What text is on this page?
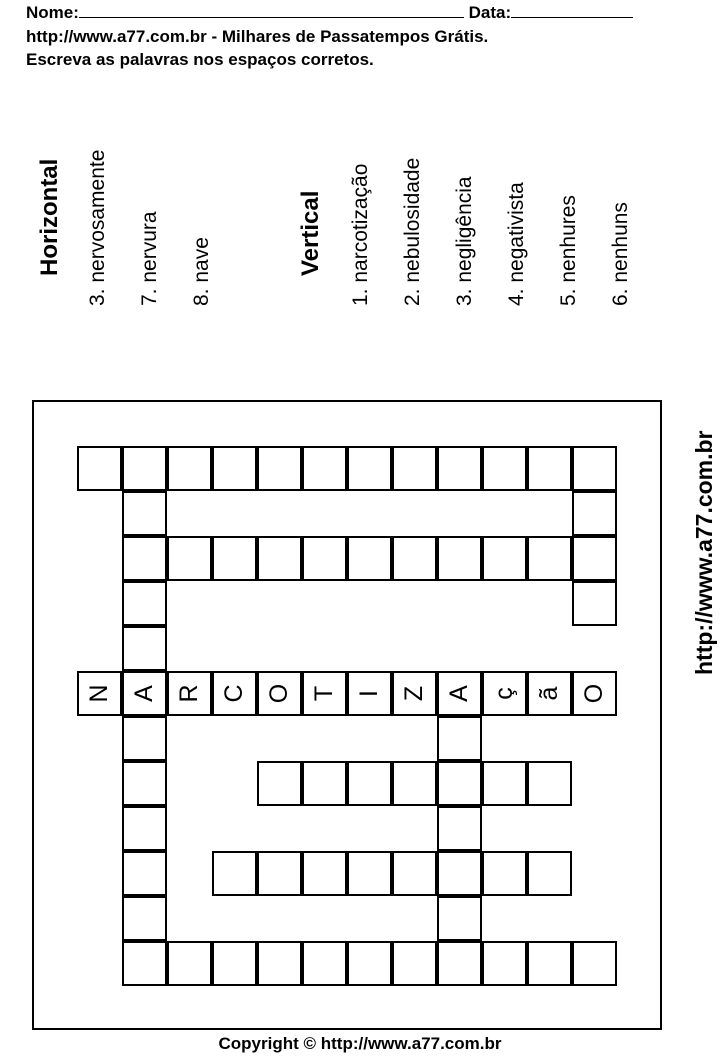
Nome:	Data:
http://www.a77.com.br - Milhares de Passatempos Grátis.
Escreva as palavras nos espaços corretos.
Horizontal 3. nervosamente 7. nervura 8. nave	Vertical 1. narcotização 2. nebulosidade 3. negligência 4. negativista 5. nenhures 6. nenhuns
http://www.a77.com.br
A
N R C O T I Z A ç ã O
Copyright © http://www.a77.com.br
